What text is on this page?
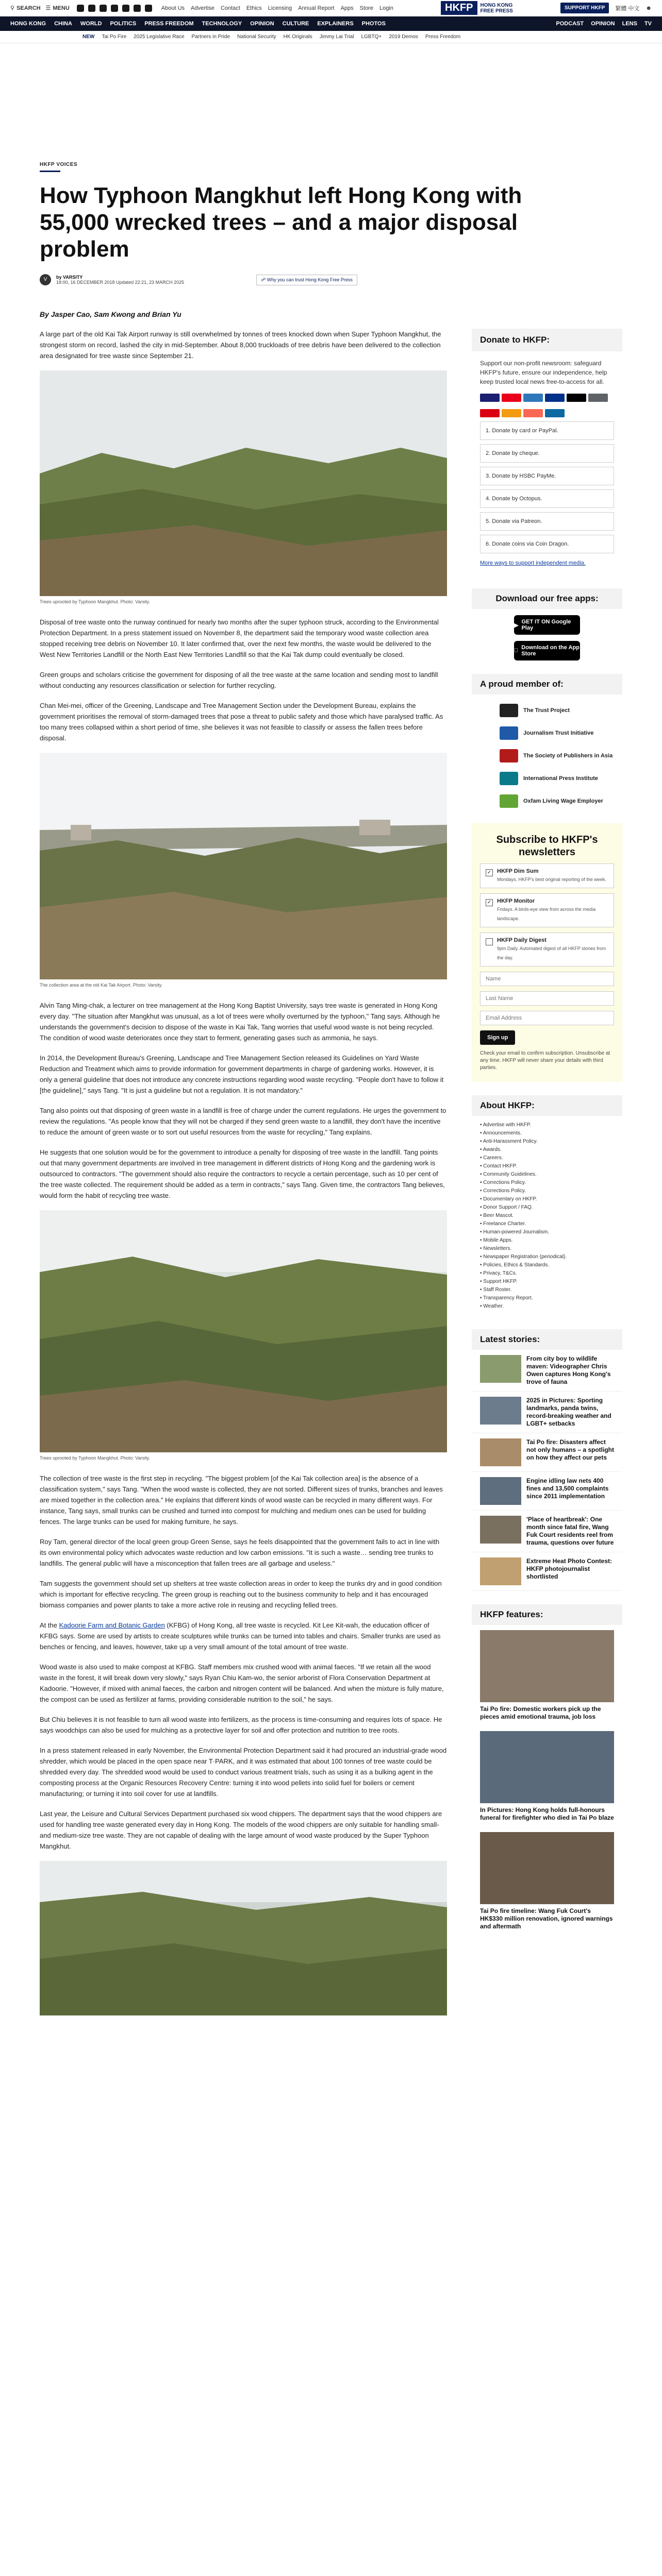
⚲ SEARCH ☰ MENU	About Us Advertise Contact Ethics Licensing Annual Report Apps Store Login	HKFP	HONG KONG
FREE PRESS	SUPPORT HKFP	繁體 中文 ☻
HONG KONG CHINA WORLD POLITICS PRESS FREEDOM TECHNOLOGY OPINION CULTURE EXPLAINERS PHOTOS	PODCAST OPINION LENS TV
NEW Tai Po Fire 2025 Legislative Race Partners in Pride National Security HK Originals Jimmy Lai Trial LGBTQ+ 2019 Demos Press Freedom
HKFP VOICES
How Typhoon Mangkhut left Hong Kong with 55,000 wrecked trees – and a major disposal problem
V	by VARSITY
18:00, 16 DECEMBER 2018 Updated 22:21, 23 MARCH 2025
☍ Why you can trust Hong Kong Free Press
By Jasper Cao, Sam Kwong and Brian Yu

A large part of the old Kai Tak Airport runway is still overwhelmed by tonnes of trees knocked down when Super Typhoon Mangkhut, the strongest storm on record, lashed the city in mid-September. About 8,000 truckloads of tree debris have been delivered to the collection area designated for tree waste since September 21.

Trees uprooted by Typhoon Mangkhut. Photo: Varsity.

Disposal of tree waste onto the runway continued for nearly two months after the super typhoon struck, according to the Environmental Protection Department. In a press statement issued on November 8, the department said the temporary wood waste collection area stopped receiving tree debris on November 10. It later confirmed that, over the next few months, the waste would be delivered to the West New Territories Landfill or the North East New Territories Landfill so that the Kai Tak dump could eventually be closed.

Green groups and scholars criticise the government for disposing of all the tree waste at the same location and sending most to landfill without conducting any resources classification or selection for further recycling.

Chan Mei-mei, officer of the Greening, Landscape and Tree Management Section under the Development Bureau, explains the government prioritises the removal of storm-damaged trees that pose a threat to public safety and those which have paralysed traffic. As too many trees collapsed within a short period of time, she believes it was not feasible to classify or assess the fallen trees before disposal.

The collection area at the old Kai Tak Airport. Photo: Varsity.

Alvin Tang Ming-chak, a lecturer on tree management at the Hong Kong Baptist University, says tree waste is generated in Hong Kong every day. "The situation after Mangkhut was unusual, as a lot of trees were wholly overturned by the typhoon," Tang says. Although he understands the government's decision to dispose of the waste in Kai Tak, Tang worries that useful wood waste is not being recycled. The condition of wood waste deteriorates once they start to ferment, generating gases such as ammonia, he says.

In 2014, the Development Bureau's Greening, Landscape and Tree Management Section released its Guidelines on Yard Waste Reduction and Treatment which aims to provide information for government departments in charge of gardening works. However, it is only a general guideline that does not introduce any concrete instructions regarding wood waste recycling. "People don't have to follow it [the guideline]," says Tang. "It is just a guideline but not a regulation. It is not mandatory."

Tang also points out that disposing of green waste in a landfill is free of charge under the current regulations. He urges the government to review the regulations. "As people know that they will not be charged if they send green waste to a landfill, they don't have the incentive to reduce the amount of green waste or to sort out useful resources from the waste for recycling," Tang explains.

He suggests that one solution would be for the government to introduce a penalty for disposing of tree waste in the landfill. Tang points out that many government departments are involved in tree management in different districts of Hong Kong and the gardening work is outsourced to contractors. "The government should also require the contractors to recycle a certain percentage, such as 10 per cent of the tree waste collected. The requirement should be added as a term in contracts," says Tang. Given time, the contractors Tang believes, would form the habit of recycling tree waste.

Trees uprooted by Typhoon Mangkhut. Photo: Varsity.

The collection of tree waste is the first step in recycling. "The biggest problem [of the Kai Tak collection area] is the absence of a classification system," says Tang. "When the wood waste is collected, they are not sorted. Different sizes of trunks, branches and leaves are mixed together in the collection area." He explains that different kinds of wood waste can be recycled in many different ways. For instance, Tang says, small trunks can be crushed and turned into compost for mulching and medium ones can be used for building fences. The large trunks can be used for making furniture, he says.

Roy Tam, general director of the local green group Green Sense, says he feels disappointed that the government fails to act in line with its own environmental policy which advocates waste reduction and low carbon emissions. "It is such a waste… sending tree trunks to landfills. The general public will have a misconception that fallen trees are all garbage and useless."

Tam suggests the government should set up shelters at tree waste collection areas in order to keep the trunks dry and in good condition which is important for effective recycling. The green group is reaching out to the business community to help and it has encouraged biomass companies and power plants to take a more active role in reusing and recycling felled trees.

At the Kadoorie Farm and Botanic Garden (KFBG) of Hong Kong, all tree waste is recycled. Kit Lee Kit-wah, the education officer of KFBG says. Some are used by artists to create sculptures while trunks can be turned into tables and chairs. Smaller trunks are used as benches or fencing, and leaves, however, take up a very small amount of the total amount of tree waste.

Wood waste is also used to make compost at KFBG. Staff members mix crushed wood with animal faeces. "If we retain all the wood waste in the forest, it will break down very slowly," says Ryan Chiu Kam-wo, the senior arborist of Flora Conservation Department at Kadoorie. "However, if mixed with animal faeces, the carbon and nitrogen content will be balanced. And when the mixture is fully mature, the compost can be used as fertilizer at farms, providing considerable nutrition to the soil," he says.

But Chiu believes it is not feasible to turn all wood waste into fertilizers, as the process is time-consuming and requires lots of space. He says woodchips can also be used for mulching as a protective layer for soil and offer protection and nutrition to tree roots.

In a press statement released in early November, the Environmental Protection Department said it had procured an industrial-grade wood shredder, which would be placed in the open space near T·PARK, and it was estimated that about 100 tonnes of tree waste could be shredded every day. The shredded wood would be used to conduct various treatment trials, such as using it as a bulking agent in the composting process at the Organic Resources Recovery Centre: turning it into wood pellets into solid fuel for boilers or cement manufacturing; or turning it into soil cover for use at landfills.

Last year, the Leisure and Cultural Services Department purchased six wood chippers. The department says that the wood chippers are used for handling tree waste generated every day in Hong Kong. The models of the wood chippers are only suitable for handling small-and medium-size tree waste. They are not capable of dealing with the large amount of wood waste produced by the Super Typhoon Mangkhut.

Donate to HKFP:
Support our non-profit newsroom: safeguard HKFP's future, ensure our independence, help keep trusted local news free-to-access for all.
1. Donate by card or PayPal.
2. Donate by cheque.
3. Donate by HSBC PayMe.
4. Donate by Octopus.
5. Donate via Patreon.
6. Donate coins via Coin Dragon.
More ways to support independent media.
Download our free apps:
▶
GET IT ON Google Play
Download on the App Store
A proud member of:
The Trust Project
Journalism Trust Initiative
The Society of Publishers in Asia
International Press Institute
Oxfam Living Wage Employer
Subscribe to HKFP's newsletters
✓ HKFP Dim Sum
Mondays. HKFP's best original reporting of the week.
✓ HKFP Monitor
Fridays. A birds-eye view from across the media landscape.
HKFP Daily Digest
9pm Daily. Automated digest of all HKFP stories from the day.
Name Last Name Email Address Sign up
Check your email to confirm subscription. Unsubscribe at any time. HKFP will never share your details with third parties.
About HKFP:
• Advertise with HKFP.
• Announcements.
• Anti-Harassment Policy.
• Awards.
• Careers.
• Contact HKFP.
• Community Guidelines.
• Corrections Policy.
• Corrections Policy.
• Documentary on HKFP.
• Donor Support / FAQ.
• Beer Mascot.
• Freelance Charter.
• Human-powered Journalism.
• Mobile Apps.
• Newsletters.
• Newspaper Registration (periodical).
• Policies, Ethics & Standards.
• Privacy, T&Cs.
• Support HKFP.
• Staff Roster.
• Transparency Report.
• Weather.
Latest stories:
From city boy to wildlife maven: Videographer Chris Owen captures Hong Kong's trove of fauna
2025 in Pictures: Sporting landmarks, panda twins, record-breaking weather and LGBT+ setbacks
Tai Po fire: Disasters affect not only humans – a spotlight on how they affect our pets
Engine idling law nets 400 fines and 13,500 complaints since 2011 implementation
'Place of heartbreak': One month since fatal fire, Wang Fuk Court residents reel from trauma, questions over future
Extreme Heat Photo Contest: HKFP photojournalist shortlisted
HKFP features:
Tai Po fire: Domestic workers pick up the pieces amid emotional trauma, job loss
In Pictures: Hong Kong holds full-honours funeral for firefighter who died in Tai Po blaze
Tai Po fire timeline: Wang Fuk Court's HK$330 million renovation, ignored warnings and aftermath
